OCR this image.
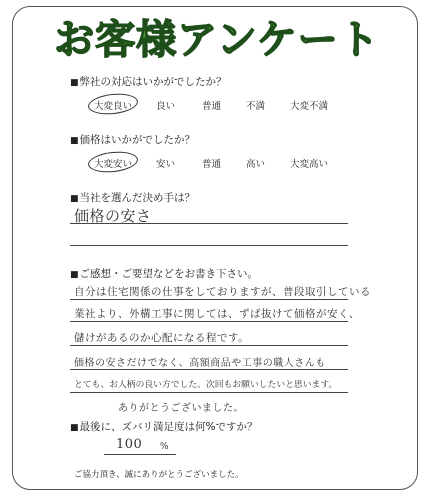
お客様アンケート
■ 弊社の対応はいかがでしたか？
大変良い	良い	普通	不満	大変不満
■ 価格はいかがでしたか？
大変安い	安い	普通	高い	大変高い
■ 当社を選んだ決め手は？
価格の安さ
■ ご感想・ご要望などをお書き下さい。
自分は住宅関係の仕事をしておりますが、普段取引している
業社より、外構工事に関しては、ずば抜けて価格が安く、
儲けがあるのか心配になる程です。
価格の安さだけでなく、高額商品や工事の職人さんも
とても、お人柄の良い方でした。次回もお願いしたいと思います。
ありがとうございました。
■ 最後に、ズバリ満足度は何%ですか？
100 %
ご協力頂き、誠にありがとうございました。
